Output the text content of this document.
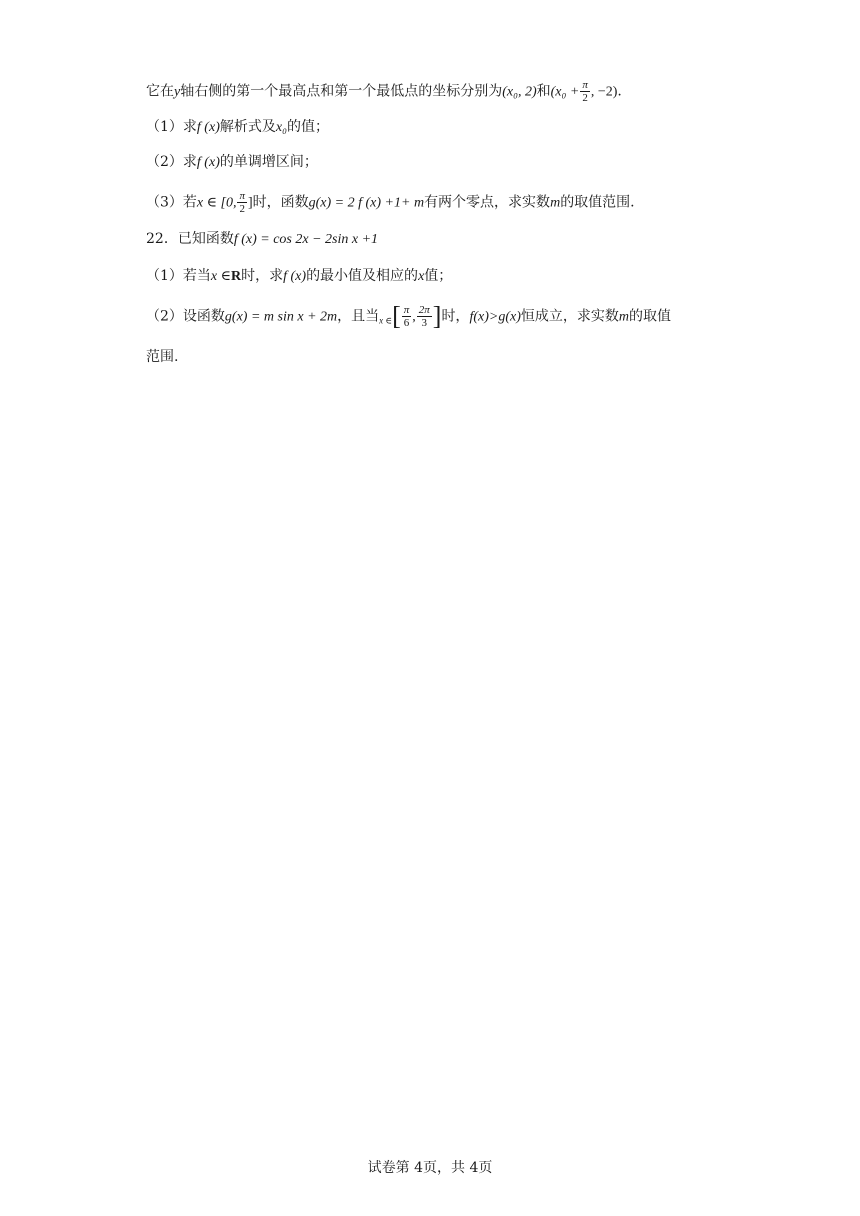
它在y轴右侧的第一个最高点和第一个最低点的坐标分别为(x₀, 2)和($x_0 + \frac{\pi}{2}$ , −2).
（1）求f (x)解析式及x₀的值；
（2）求f (x)的单调增区间；
（3）若x ∈ [0, $\frac{\pi}{2}$ ]时，函数g(x) = 2 f (x) +1+ m有两个零点，求实数m的取值范围.
22．已知函数f (x) = cos 2x − 2sin x +1
（1）若当x ∈R时，求f (x)的最小值及相应的x值；
（2）设函数g(x) = m sin x + 2m，且当$_{x \in}[ \frac{\pi}{6}$ , $\frac{2\pi}{3}$ ]时，f(x)>g(x)恒成立，求实数m的取值
范围.
试卷第 4页，共 4页
